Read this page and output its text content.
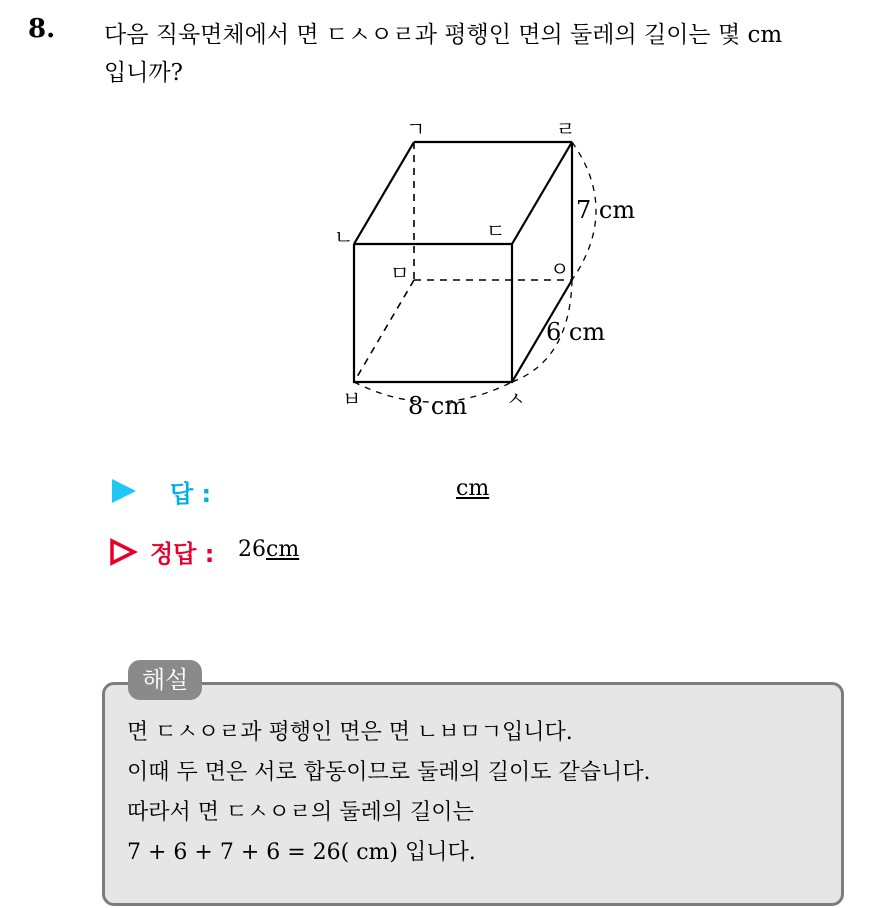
8. 다음 직육면체에서 면 ㄷㅅㅇㄹ과 평행인 면의 둘레의 길이는 몇 cm
입니까?
ㄱ
ㄴ	ㄷ
ㄹ
ㅁ
ㅂ	ㅅ
ㅇ
7 cm
6 cm
8 cm
답 :	cm
정답 : 26cm
해설
면 ㄷㅅㅇㄹ과 평행인 면은 면 ㄴㅂㅁㄱ입니다.
이때 두 면은 서로 합동이므로 둘레의 길이도 같습니다.
따라서 면 ㄷㅅㅇㄹ의 둘레의 길이는
7 + 6 + 7 + 6 = 26( cm) 입니다.
